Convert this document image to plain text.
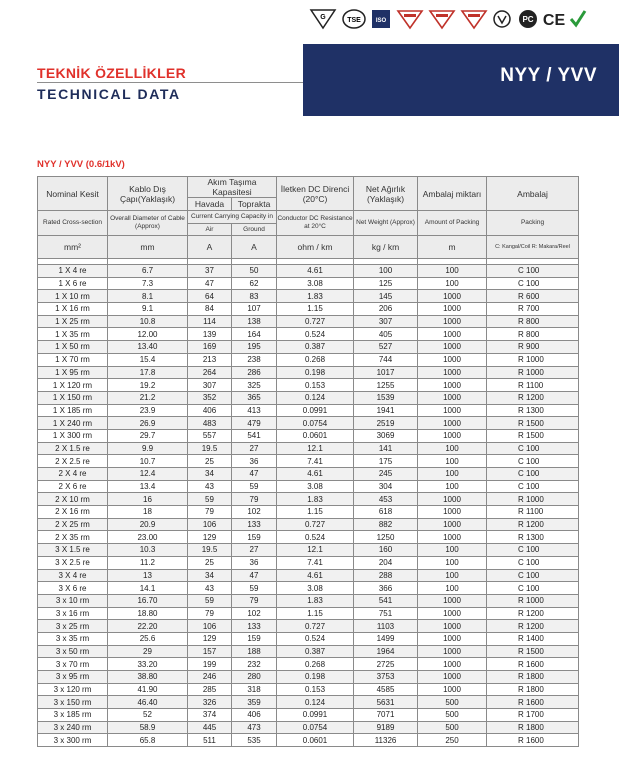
G	TSE	ISO	PC CE
TEKNİK ÖZELLİKLER
TECHNICAL DATA
NYY / YVV
NYY / YVV (0.6/1kV)
Nominal Kesit	Kablo Dış Çapı(Yaklaşık)	Akım Taşıma Kapasitesi		İletken DC Direnci (20°C)	Net Ağırlık (Yaklaşık)	Ambalaj miktarı	Ambalaj
		Havada	Toprakta				
Rated Cross-section	Overall Diameter of Cable (Approx)	Current Carrying Capacity in		Conductor DC Resistance at 20°C	Net Weight (Approx)	Amount of Packing	Packing
		Air	Ground				
mm²	mm	A	A	ohm / km	kg / km	m	C: Kangal/Coil R: Makara/Reel

1 X 4 re	6.7	37	50	4.61	100	100	C 100
1 X 6 re	7.3	47	62	3.08	125	100	C 100
1 X 10 rm	8.1	64	83	1.83	145	1000	R 600
1 X 16 rm	9.1	84	107	1.15	206	1000	R 700
1 X 25 rm	10.8	114	138	0.727	307	1000	R 800
1 X 35 rm	12.00	139	164	0.524	405	1000	R 800
1 X 50 rm	13.40	169	195	0.387	527	1000	R 900
1 X 70 rm	15.4	213	238	0.268	744	1000	R 1000
1 X 95 rm	17.8	264	286	0.198	1017	1000	R 1000
1 X 120 rm	19.2	307	325	0.153	1255	1000	R 1100
1 X 150 rm	21.2	352	365	0.124	1539	1000	R 1200
1 X 185 rm	23.9	406	413	0.0991	1941	1000	R 1300
1 X 240 rm	26.9	483	479	0.0754	2519	1000	R 1500
1 X 300 rm	29.7	557	541	0.0601	3069	1000	R 1500
2 X 1.5 re	9.9	19.5	27	12.1	141	100	C 100
2 X 2.5 re	10.7	25	36	7.41	175	100	C 100
2 X 4 re	12.4	34	47	4.61	245	100	C 100
2 X 6 re	13.4	43	59	3.08	304	100	C 100
2 X 10 rm	16	59	79	1.83	453	1000	R 1000
2 X 16 rm	18	79	102	1.15	618	1000	R 1100
2 X 25 rm	20.9	106	133	0.727	882	1000	R 1200
2 X 35 rm	23.00	129	159	0.524	1250	1000	R 1300
3 X 1.5 re	10.3	19.5	27	12.1	160	100	C 100
3 X 2.5 re	11.2	25	36	7.41	204	100	C 100
3 X 4 re	13	34	47	4.61	288	100	C 100
3 X 6 re	14.1	43	59	3.08	366	100	C 100
3 x 10 rm	16.70	59	79	1.83	541	1000	R 1000
3 x 16 rm	18.80	79	102	1.15	751	1000	R 1200
3 x 25 rm	22.20	106	133	0.727	1103	1000	R 1200
3 x 35 rm	25.6	129	159	0.524	1499	1000	R 1400
3 x 50 rm	29	157	188	0.387	1964	1000	R 1500
3 x 70 rm	33.20	199	232	0.268	2725	1000	R 1600
3 x 95 rm	38.80	246	280	0.198	3753	1000	R 1800
3 x 120 rm	41.90	285	318	0.153	4585	1000	R 1800
3 x 150 rm	46.40	326	359	0.124	5631	500	R 1600
3 x 185 rm	52	374	406	0.0991	7071	500	R 1700
3 x 240 rm	58.9	445	473	0.0754	9189	500	R 1800
3 x 300 rm	65.8	511	535	0.0601	11326	250	R 1600
